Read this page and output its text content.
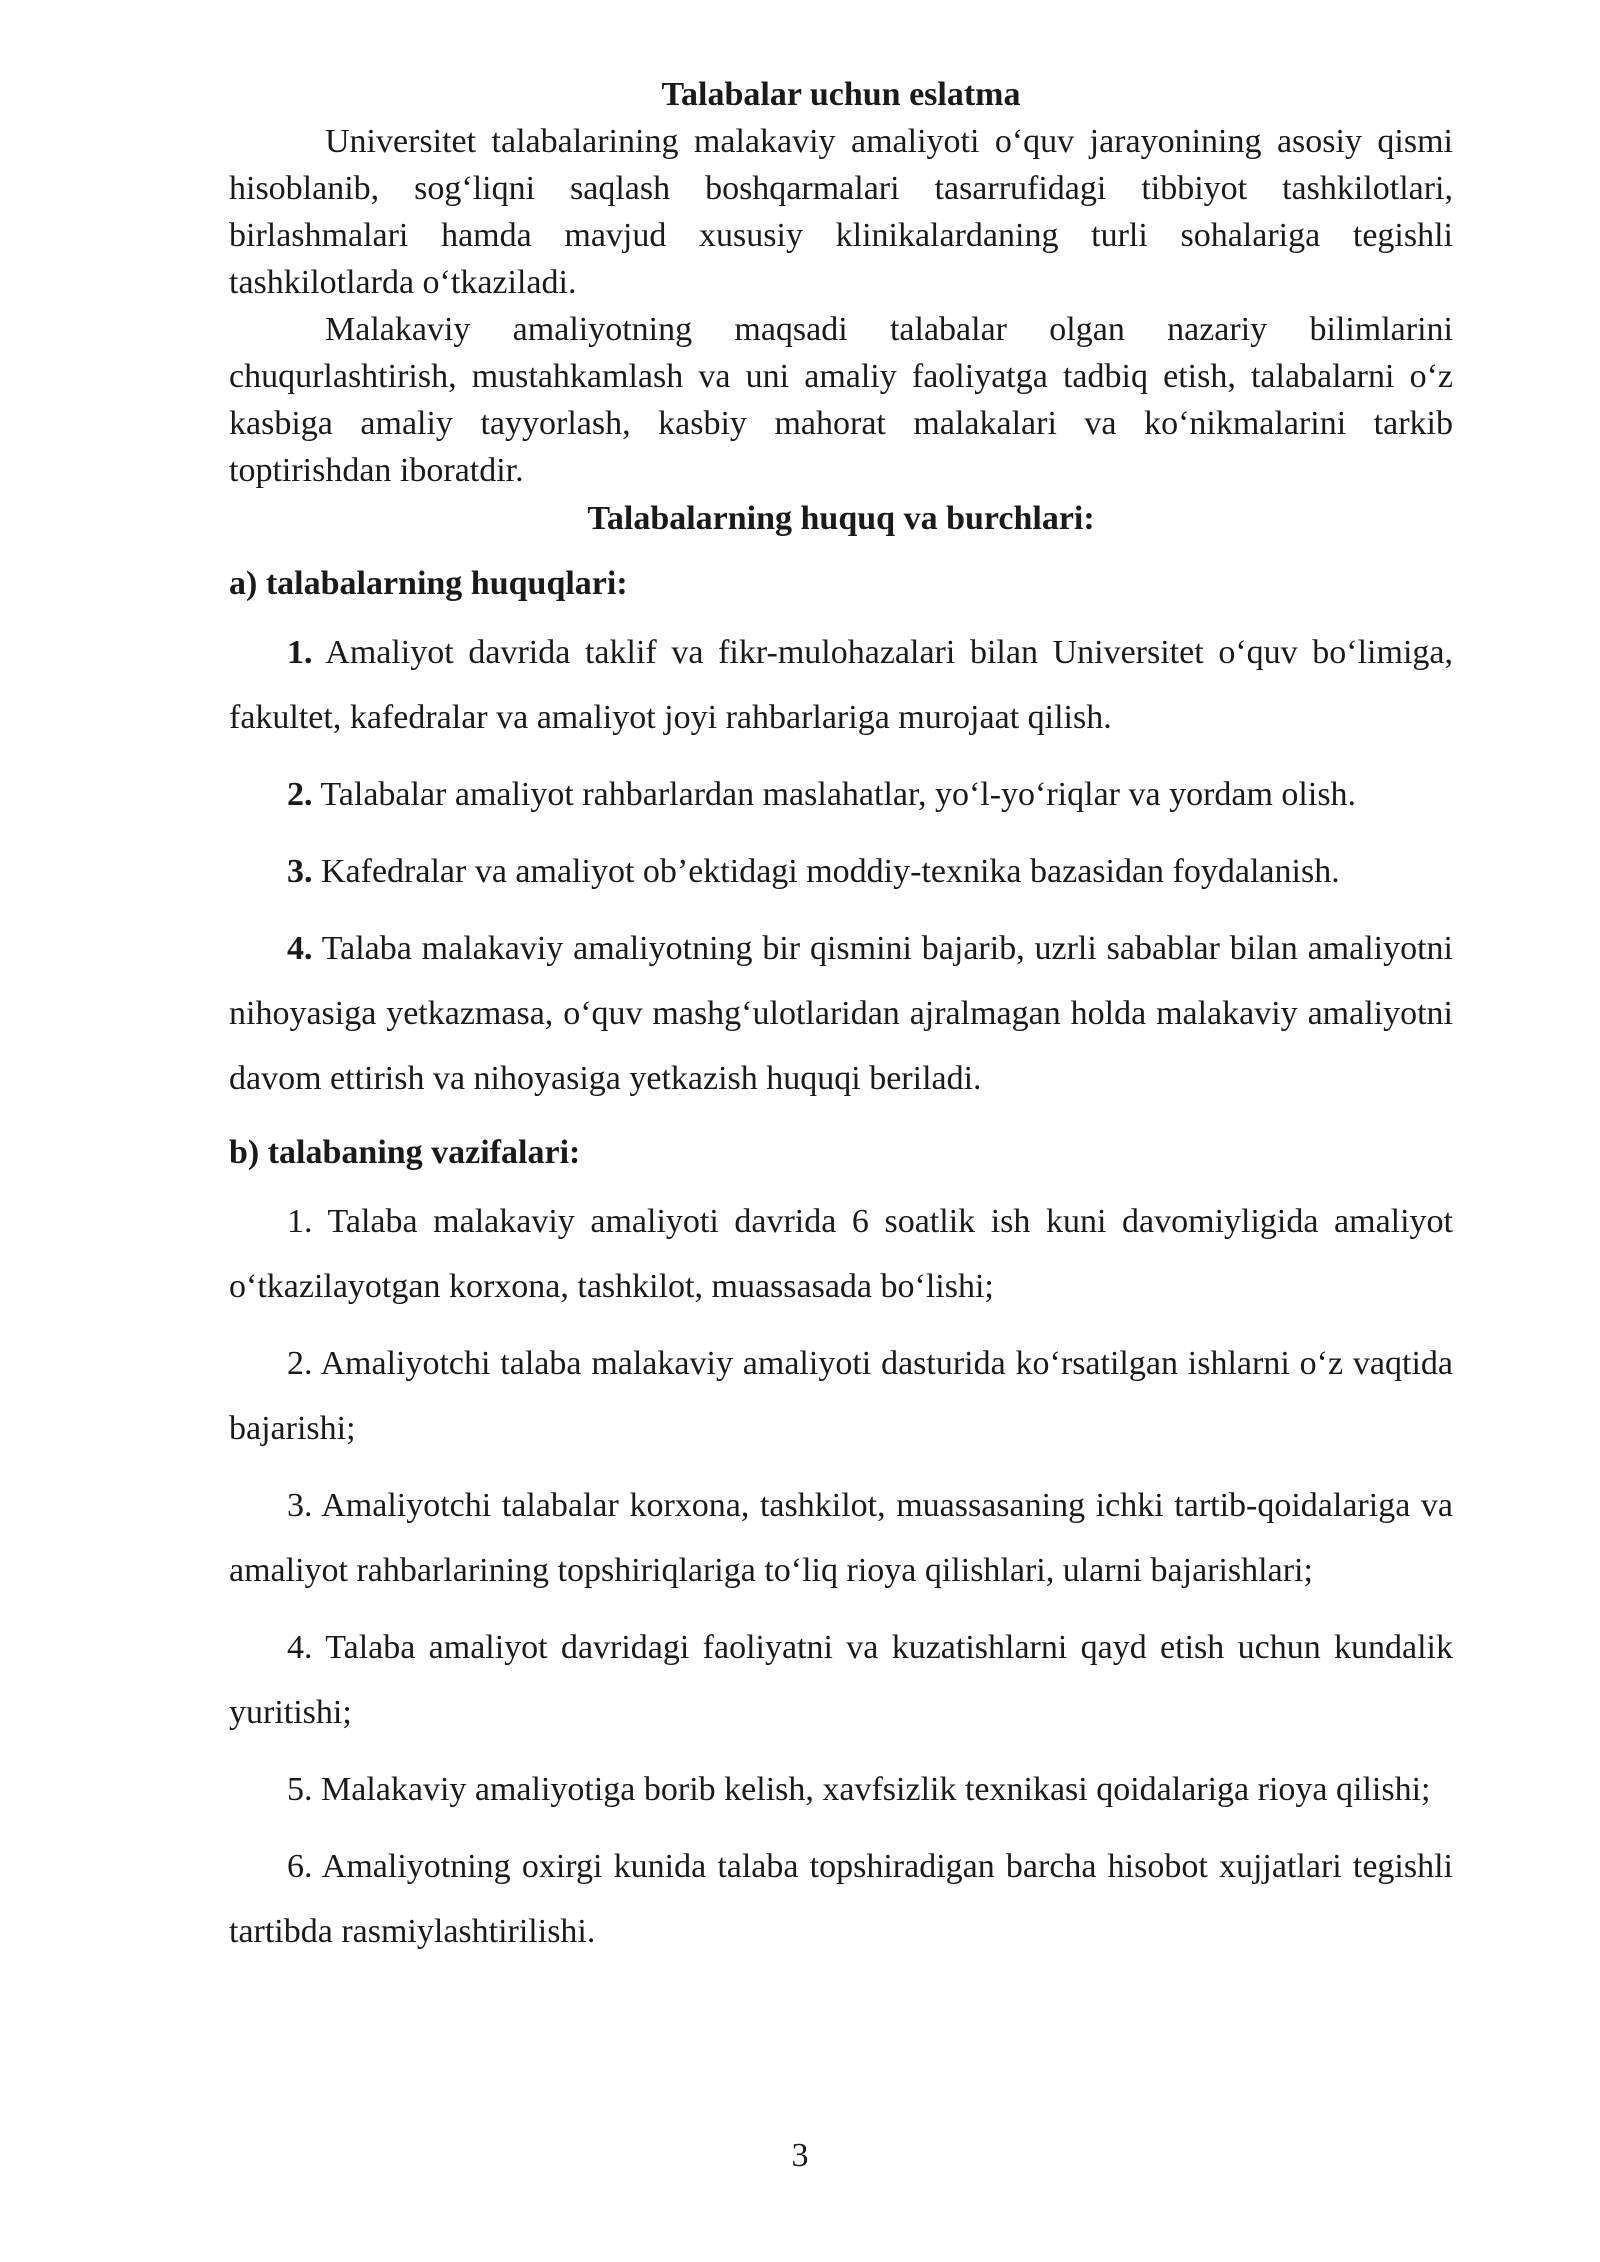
Talabalar uchun eslatma

Universitet talabalarining malakaviy amaliyoti o‘quv jarayonining asosiy qismi hisoblanib, sog‘liqni saqlash boshqarmalari tasarrufidagi tibbiyot tashkilotlari, birlashmalari hamda mavjud xususiy klinikalardaning turli sohalariga tegishli tashkilotlarda o‘tkaziladi.

Malakaviy amaliyotning maqsadi talabalar olgan nazariy bilimlarini chuqurlashtirish, mustahkamlash va uni amaliy faoliyatga tadbiq etish, talabalarni o‘z kasbiga amaliy tayyorlash, kasbiy mahorat malakalari va ko‘nikmalarini tarkib toptirishdan iboratdir.

Talabalarning huquq va burchlari:

a) talabalarning huquqlari:

1. Amaliyot davrida taklif va fikr-mulohazalari bilan Universitet o‘quv bo‘limiga, fakultet, kafedralar va amaliyot joyi rahbarlariga murojaat qilish.

2. Talabalar amaliyot rahbarlardan maslahatlar, yo‘l-yo‘riqlar va yordam olish.

3. Kafedralar va amaliyot ob’ektidagi moddiy-texnika bazasidan foydalanish.

4. Talaba malakaviy amaliyotning bir qismini bajarib, uzrli sabablar bilan amaliyotni nihoyasiga yetkazmasa, o‘quv mashg‘ulotlaridan ajralmagan holda malakaviy amaliyotni davom ettirish va nihoyasiga yetkazish huquqi beriladi.

b) talabaning vazifalari:

1. Talaba malakaviy amaliyoti davrida 6 soatlik ish kuni davomiyligida amaliyot o‘tkazilayotgan korxona, tashkilot, muassasada bo‘lishi;

2. Amaliyotchi talaba malakaviy amaliyoti dasturida ko‘rsatilgan ishlarni o‘z vaqtida bajarishi;

3. Amaliyotchi talabalar korxona, tashkilot, muassasaning ichki tartib-qoidalariga va amaliyot rahbarlarining topshiriqlariga to‘liq rioya qilishlari, ularni bajarishlari;

4. Talaba amaliyot davridagi faoliyatni va kuzatishlarni qayd etish uchun kundalik yuritishi;

5. Malakaviy amaliyotiga borib kelish, xavfsizlik texnikasi qoidalariga rioya qilishi;

6. Amaliyotning oxirgi kunida talaba topshiradigan barcha hisobot xujjatlari tegishli tartibda rasmiylashtirilishi.

3
